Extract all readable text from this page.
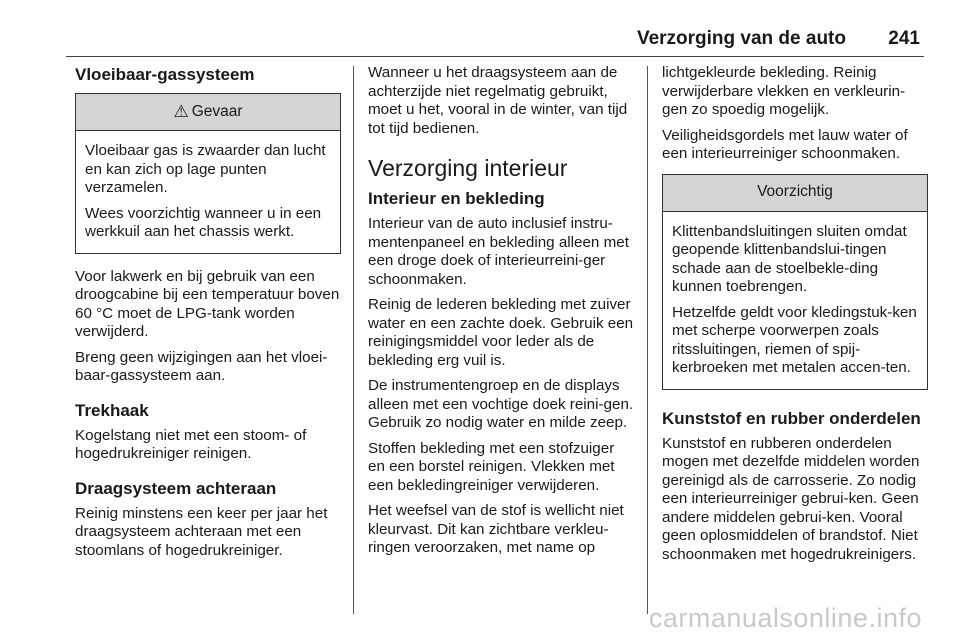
Verzorging van de auto 241
Vloeibaar-gassysteem
⚠ Gevaar

Vloeibaar gas is zwaarder dan lucht en kan zich op lage punten verzamelen.

Wees voorzichtig wanneer u in een werkkuil aan het chassis werkt.

Voor lakwerk en bij gebruik van een droogcabine bij een temperatuur boven 60 °C moet de LPG-tank worden verwijderd.

Breng geen wijzigingen aan het vloei-baar-gassysteem aan.

Trekhaak

Kogelstang niet met een stoom- of hogedrukreiniger reinigen.

Draagsysteem achteraan

Reinig minstens een keer per jaar het draagsysteem achteraan met een stoomlans of hogedrukreiniger.

Wanneer u het draagsysteem aan de achterzijde niet regelmatig gebruikt, moet u het, vooral in de winter, van tijd tot tijd bedienen.

Verzorging interieur
Interieur en bekleding

Interieur van de auto inclusief instru-mentenpaneel en bekleding alleen met een droge doek of interieurreini-ger schoonmaken.

Reinig de lederen bekleding met zuiver water en een zachte doek. Gebruik een reinigingsmiddel voor leder als de bekleding erg vuil is.

De instrumentengroep en de displays alleen met een vochtige doek reini-gen. Gebruik zo nodig water en milde zeep.

Stoffen bekleding met een stofzuiger en een borstel reinigen. Vlekken met een bekledingreiniger verwijderen.

Het weefsel van de stof is wellicht niet kleurvast. Dit kan zichtbare verkleu-ringen veroorzaken, met name op

lichtgekleurde bekleding. Reinig verwijderbare vlekken en verkleurin-gen zo spoedig mogelijk.

Veiligheidsgordels met lauw water of een interieurreiniger schoonmaken.

Voorzichtig

Klittenbandsluitingen sluiten omdat geopende klittenbandslui-tingen schade aan de stoelbekle-ding kunnen toebrengen.

Hetzelfde geldt voor kledingstuk-ken met scherpe voorwerpen zoals ritssluitingen, riemen of spij-kerbroeken met metalen accen-ten.

Kunststof en rubber onderdelen

Kunststof en rubberen onderdelen mogen met dezelfde middelen worden gereinigd als de carrosserie. Zo nodig een interieurreiniger gebrui-ken. Geen andere middelen gebrui-ken. Vooral geen oplosmiddelen of brandstof. Niet schoonmaken met hogedrukreinigers.

carmanualsonline.info
